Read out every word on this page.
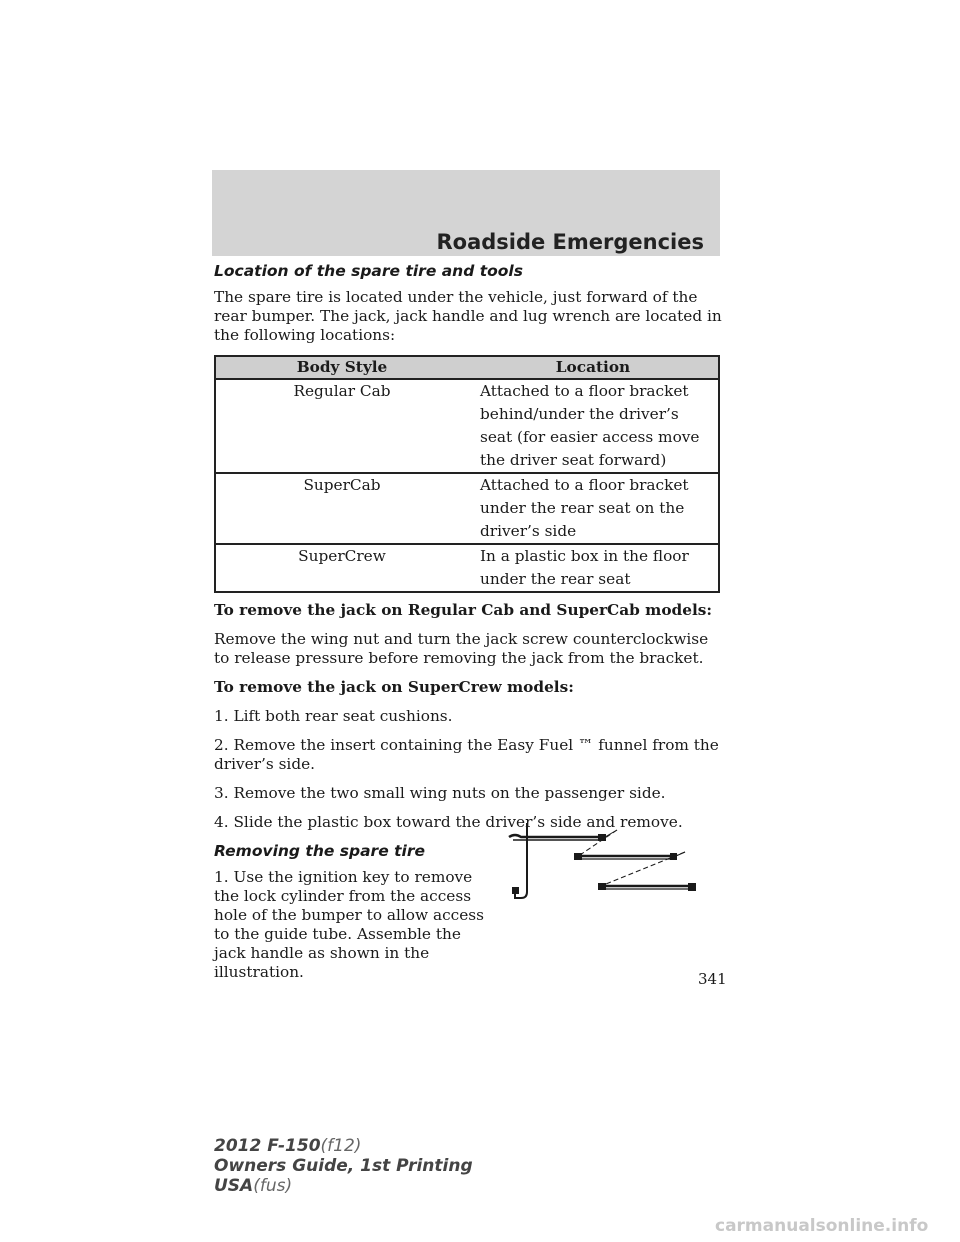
Roadside Emergencies
Location of the spare tire and tools

The spare tire is located under the vehicle, just forward of the rear bumper. The jack, jack handle and lug wrench are located in the following locations:

Body Style	Location
Regular Cab	Attached to a floor bracket behind/under the driver’s seat (for easier access move the driver seat forward)
SuperCab	Attached to a floor bracket under the rear seat on the driver’s side
SuperCrew	In a plastic box in the floor under the rear seat
To remove the jack on Regular Cab and SuperCab models:

Remove the wing nut and turn the jack screw counterclockwise to release pressure before removing the jack from the bracket.

To remove the jack on SuperCrew models:

1. Lift both rear seat cushions.

2. Remove the insert containing the Easy Fuel ™ funnel from the driver’s side.

3. Remove the two small wing nuts on the passenger side.

4. Slide the plastic box toward the driver’s side and remove.

Removing the spare tire

1. Use the ignition key to remove the lock cylinder from the access hole of the bumper to allow access to the guide tube. Assemble the jack handle as shown in the illustration.	341
2012 F-150(f12)
Owners Guide, 1st Printing
USA(fus)
carmanualsonline.info
